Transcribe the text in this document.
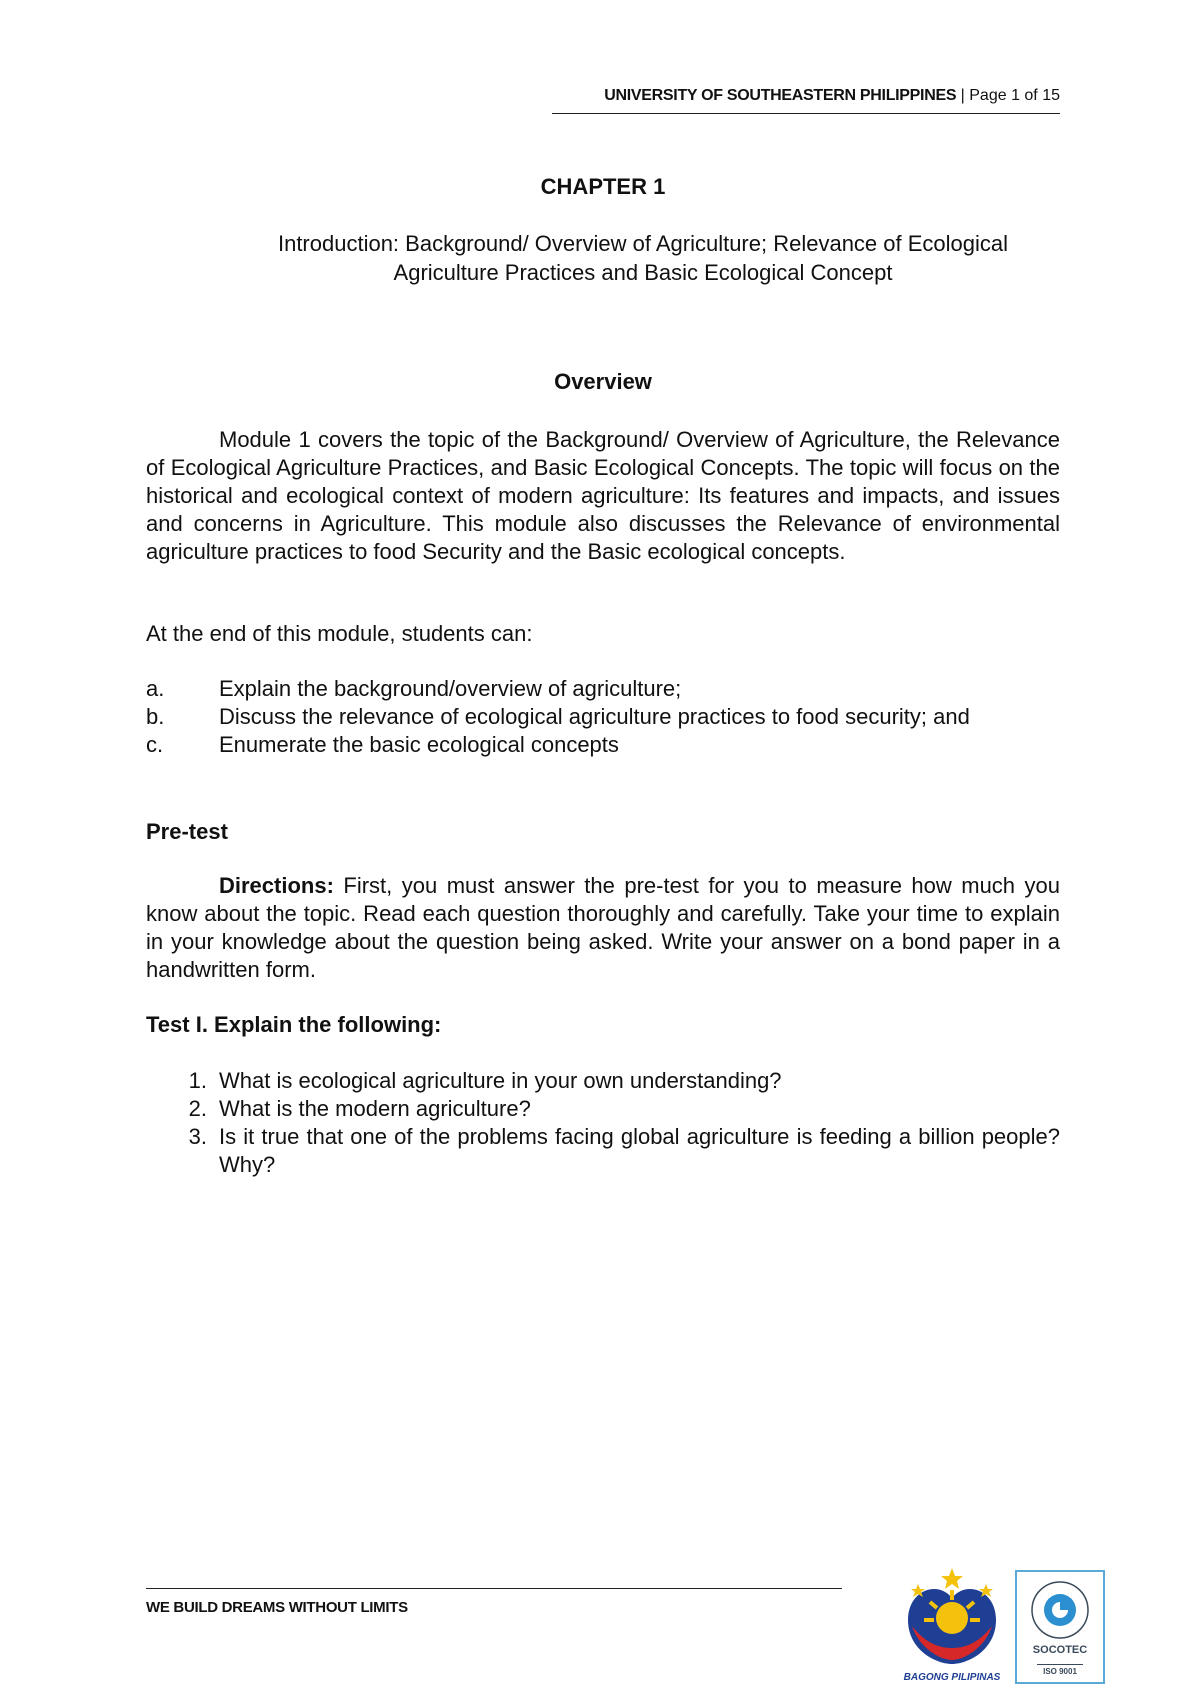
UNIVERSITY OF SOUTHEASTERN PHILIPPINES | Page 1 of 15
CHAPTER 1
Introduction: Background/ Overview of Agriculture; Relevance of Ecological
Agriculture Practices and Basic Ecological Concept
Overview
Module 1 covers the topic of the Background/ Overview of Agriculture, the Relevance of Ecological Agriculture Practices, and Basic Ecological Concepts. The topic will focus on the historical and ecological context of modern agriculture: Its features and impacts, and issues and concerns in Agriculture. This module also discusses the Relevance of environmental agriculture practices to food Security and the Basic ecological concepts.
At the end of this module, students can:
a.	Explain the background/overview of agriculture;
b.	Discuss the relevance of ecological agriculture practices to food security; and
c.	Enumerate the basic ecological concepts
Pre-test
Directions: First, you must answer the pre-test for you to measure how much you know about the topic. Read each question thoroughly and carefully. Take your time to explain in your knowledge about the question being asked. Write your answer on a bond paper in a handwritten form.
Test I. Explain the following:
1. What is ecological agriculture in your own understanding?
2. What is the modern agriculture?
3. Is it true that one of the problems facing global agriculture is feeding a billion people? Why?
WE BUILD DREAMS WITHOUT LIMITS
BAGONG PILIPINAS
SOCOTEC
ISO 9001
